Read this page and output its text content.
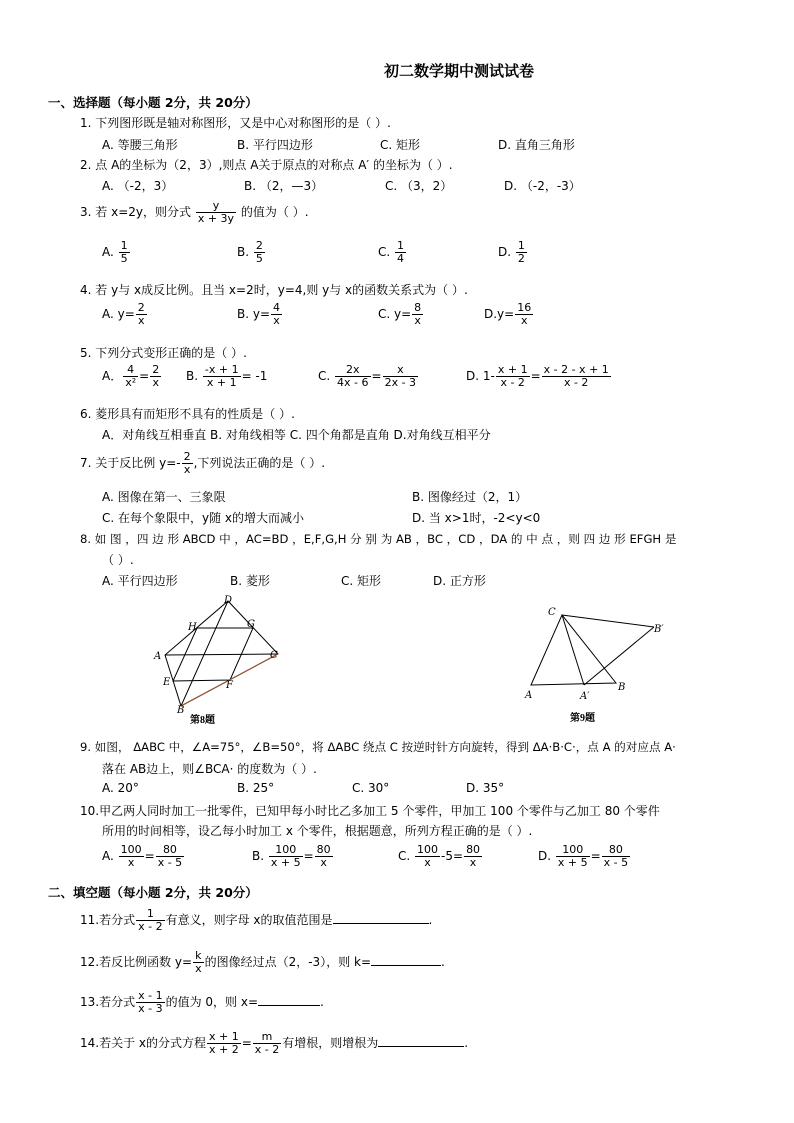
初二数学期中测试试卷
一、选择题（每小题 2分，共 20分）
1. 下列图形既是轴对称图形，又是中心对称图形的是（ ）.
A. 等腰三角形	B. 平行四边形	C. 矩形	D. 直角三角形
2. 点 A的坐标为（2，3）,则点 A关于原点的对称点 A′ 的坐标为（ ）.
A. （-2，3）	B. （2，—3）	C. （3，2）	D. （-2，-3）
3. 若 x=2y，则分式 $\frac{y}{x + 3y}$ 的值为（ ）.
A. $\frac{1}{5}$	B. $\frac{2}{5}$	C. $\frac{1}{4}$	D. $\frac{1}{2}$
4. 若 y与 x成反比例。且当 x=2时，y=4,则 y与 x的函数关系式为（ ）.
A. $y= \frac{2}{x}$	B. $y= \frac{4}{x}$	C. $y= \frac{8}{x}$	$D.y= \frac{16}{x}$
5. 下列分式变形正确的是（ ）.
A． $\frac{4}{\text{x²}} = \frac{2}{x} B$. $\frac{-x + 1}{x + 1} = -1$	C. $\frac{2x}{4x - 6} = \frac{x}{2x - 3}$	D. $1- \frac{x + 1}{x - 2} = \frac{x - 2 - x + 1}{x - 2}$
6. 菱形具有而矩形不具有的性质是（ ）.
A．对角线互相垂直 B. 对角线相等 C. 四个角都是直角 D.对角线互相平分
7. 关于反比例 $y=- \frac{2}{x}$ ,下列说法正确的是（ ）.
A. 图像在第一、三象限	B. 图像经过（2，1）
C. 在每个象限中，y随 x的增大而减小	D. 当 x>1时，-2<y<0
8. 如 图 ，四 边 形 ABCD 中 ，AC=BD ，E,F,G,H 分 别 为 AB ，BC ，CD ，DA 的 中 点 ，则 四 边 形 EFGH 是
（ ）.
A. 平行四边形	B. 菱形	C. 矩形	D. 正方形
D
H	G
A	C
E	F
B
第8题
C
B′
A	A′
B
第9题
9. 如图， ΔABC 中，∠A=75°，∠B=50°，将 ΔABC 绕点 C 按逆时针方向旋转，得到 ΔA·B·C·，点 A 的对应点 A·
落在 AB边上，则∠BCA· 的度数为（ ）.
A. 20°	B. 25°	C. 30°	D. 35°
10.甲乙两人同时加工一批零件，已知甲每小时比乙多加工 5 个零件，甲加工 100 个零件与乙加工 80 个零件
所用的时间相等，设乙每小时加工 x 个零件，根据题意，所列方程正确的是（ ）.
A. $\frac{100}{x} = \frac{80}{x - 5}$	B. $\frac{100}{x + 5} = \frac{80}{x}$	C. $\frac{100}{x} -5= \frac{80}{x}$	D. $\frac{100}{x + 5} = \frac{80}{x - 5}$
二、填空题（每小题 2分，共 20分）
11.若分式 $\frac{1}{x - 2}$ 有意义，则字母 x的取值范围是	.
12.若反比例函数 $y= \frac{k}{x}$ 的图像经过点（2，-3），则 k=	.
13.若分式 $\frac{x - 1}{x - 3}$ 的值为 0，则 x=	.
14.若关于 x的分式方程 $\frac{x + 1}{x + 2} = \frac{m}{x - 2}$ 有增根，则增根为	.
